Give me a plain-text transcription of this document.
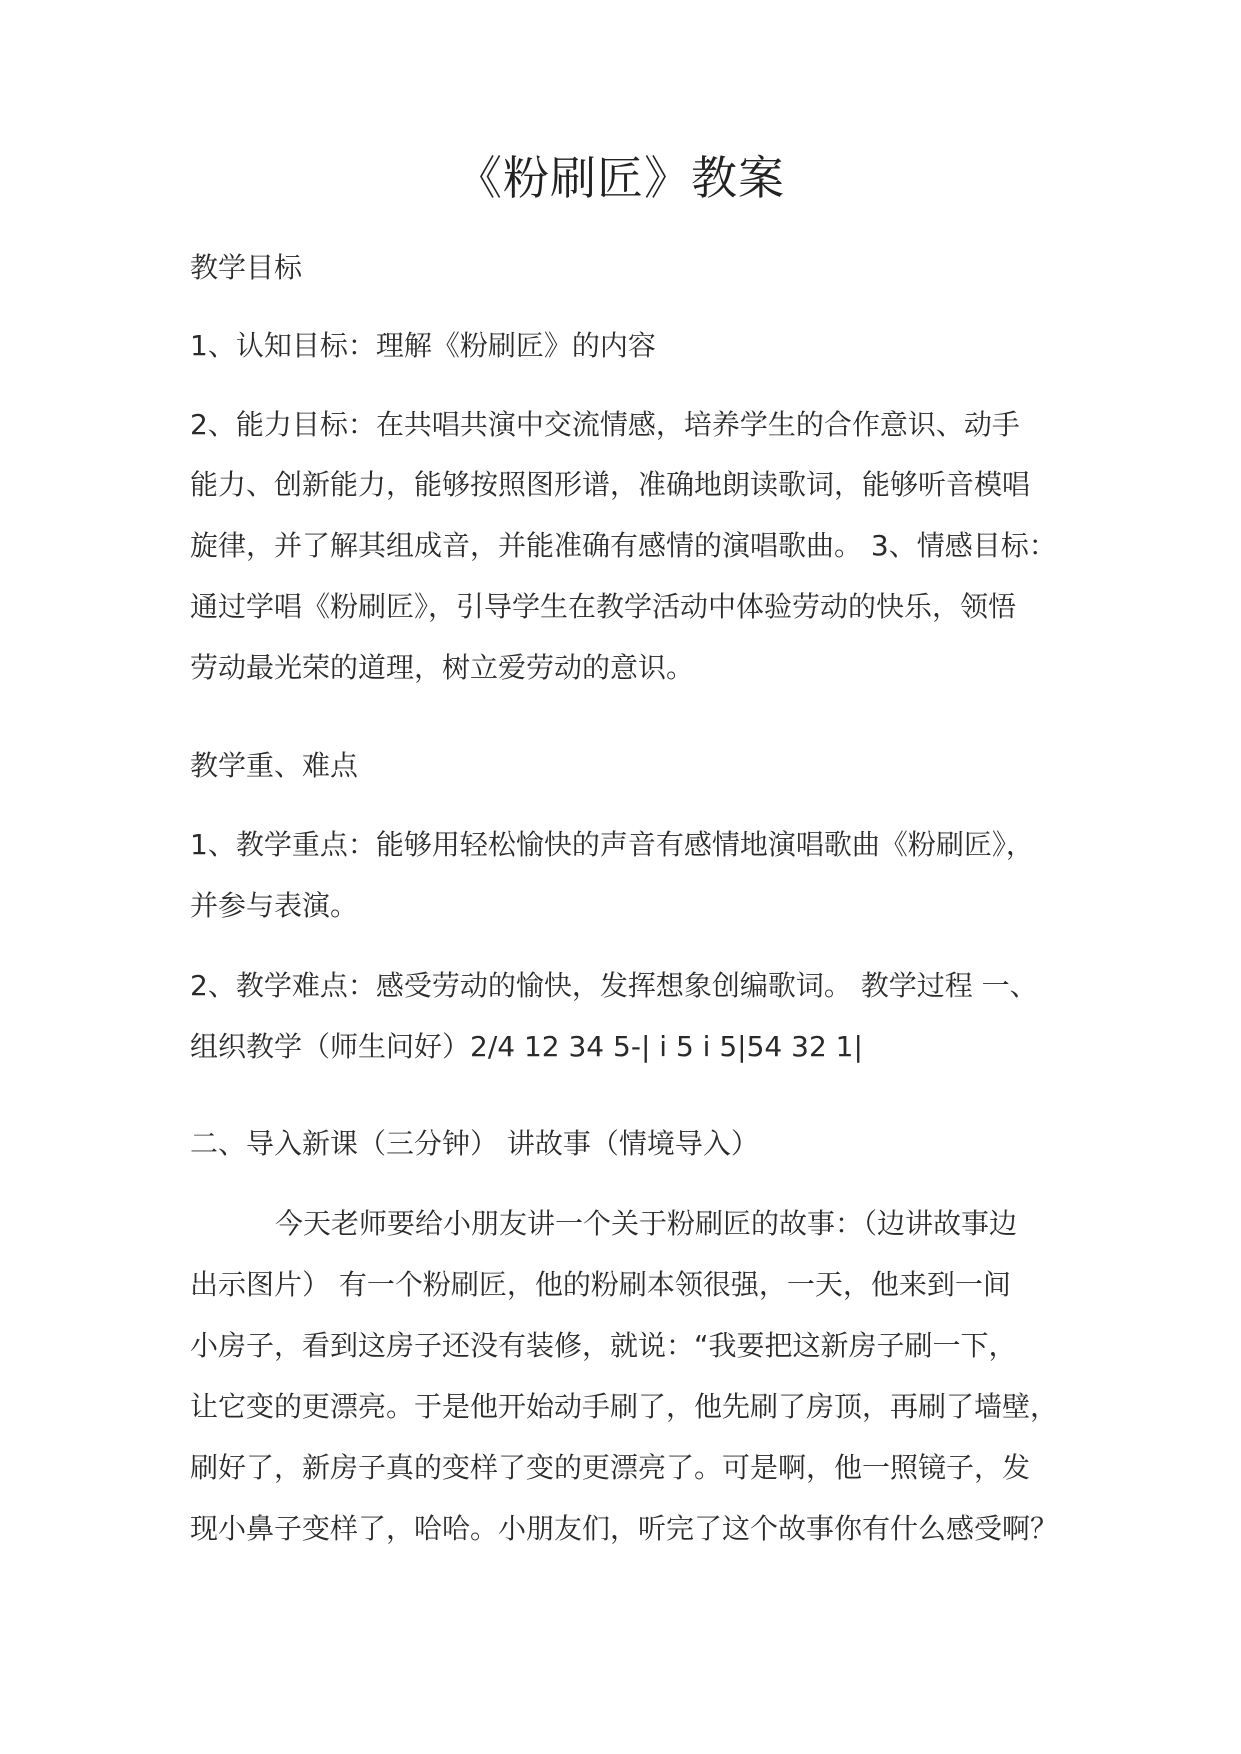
《粉刷匠》教案
教学目标
1、认知目标：理解《粉刷匠》的内容
2、能力目标：在共唱共演中交流情感，培养学生的合作意识、动手
能力、创新能力，能够按照图形谱，准确地朗读歌词，能够听音模唱
旋律，并了解其组成音，并能准确有感情的演唱歌曲。 3、情感目标：
通过学唱《粉刷匠》，引导学生在教学活动中体验劳动的快乐，领悟
劳动最光荣的道理，树立爱劳动的意识。
教学重、难点
1、教学重点：能够用轻松愉快的声音有感情地演唱歌曲《粉刷匠》，
并参与表演。
2、教学难点：感受劳动的愉快，发挥想象创编歌词。 教学过程 一、
组织教学（师生问好）2/4 12 34 5-| i 5 i 5|54 32 1|
二、导入新课（三分钟） 讲故事（情境导入）
今天老师要给小朋友讲一个关于粉刷匠的故事：（边讲故事边
出示图片） 有一个粉刷匠，他的粉刷本领很强，一天，他来到一间
小房子，看到这房子还没有装修，就说：“我要把这新房子刷一下，
让它变的更漂亮。于是他开始动手刷了，他先刷了房顶，再刷了墙壁，
刷好了，新房子真的变样了变的更漂亮了。可是啊，他一照镜子，发
现小鼻子变样了，哈哈。小朋友们，听完了这个故事你有什么感受啊？
